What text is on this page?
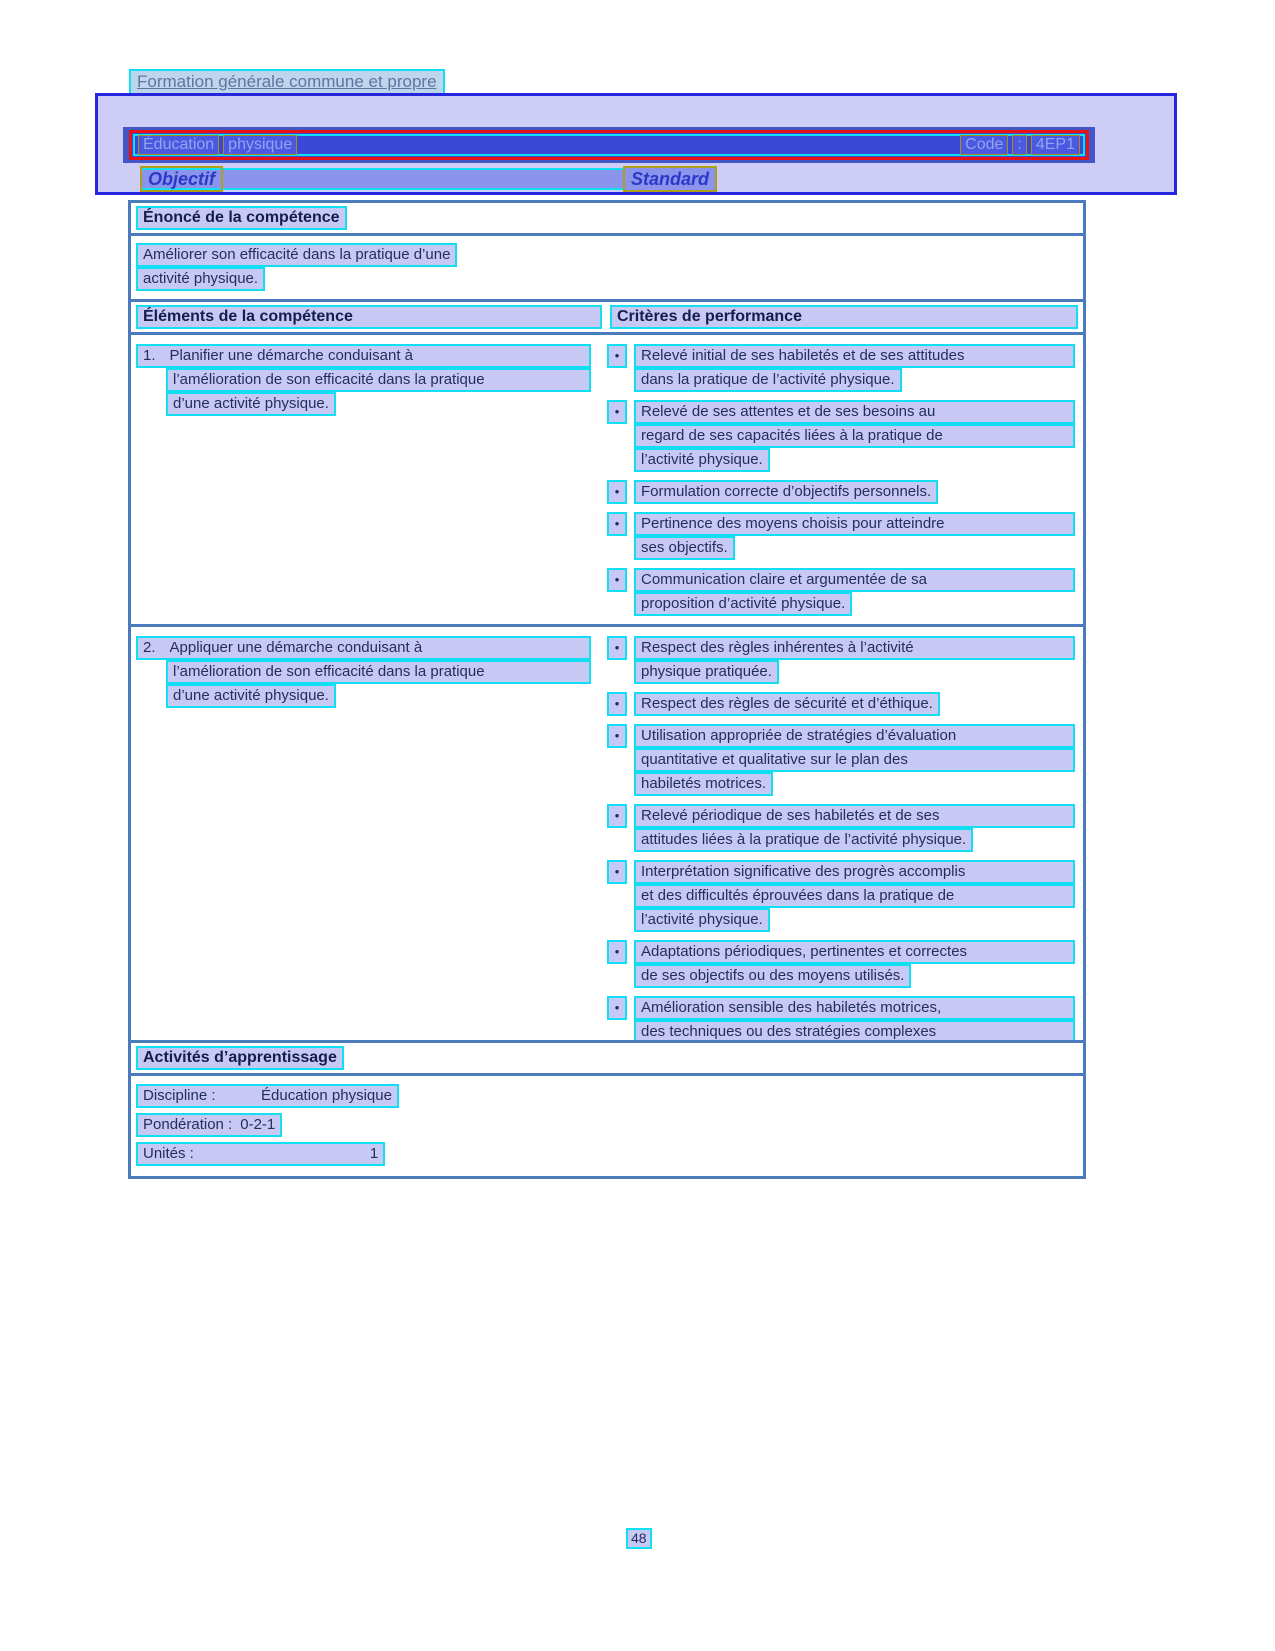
Formation générale commune et propre
Éducation physique	Code : 4EP1
Objectif	Standard
Énoncé de la compétence
Améliorer son efficacité dans la pratique d’une
activité physique.
Éléments de la compétence	Critères de performance
1. Planifier une démarche conduisant à
l’amélioration de son efficacité dans la pratique
d’une activité physique.
•	Relevé initial de ses habiletés et de ses attitudes
dans la pratique de l’activité physique.
•	Relevé de ses attentes et de ses besoins au
regard de ses capacités liées à la pratique de
l’activité physique.
•	Formulation correcte d’objectifs personnels.
•	Pertinence des moyens choisis pour atteindre
ses objectifs.
•	Communication claire et argumentée de sa
proposition d’activité physique.
2. Appliquer une démarche conduisant à
l’amélioration de son efficacité dans la pratique
d’une activité physique.
•	Respect des règles inhérentes à l’activité
physique pratiquée.
•	Respect des règles de sécurité et d’éthique.
•	Utilisation appropriée de stratégies d’évaluation
quantitative et qualitative sur le plan des
habiletés motrices.
•	Relevé périodique de ses habiletés et de ses
attitudes liées à la pratique de l’activité physique.
•	Interprétation significative des progrès accomplis
et des difficultés éprouvées dans la pratique de
l’activité physique.
•	Adaptations périodiques, pertinentes et correctes
de ses objectifs ou des moyens utilisés.
•	Amélioration sensible des habiletés motrices,
des techniques ou des stratégies complexes
Activités d’apprentissage
Discipline :	Éducation physique
Pondération : 0-2-1
Unités :	1
48
